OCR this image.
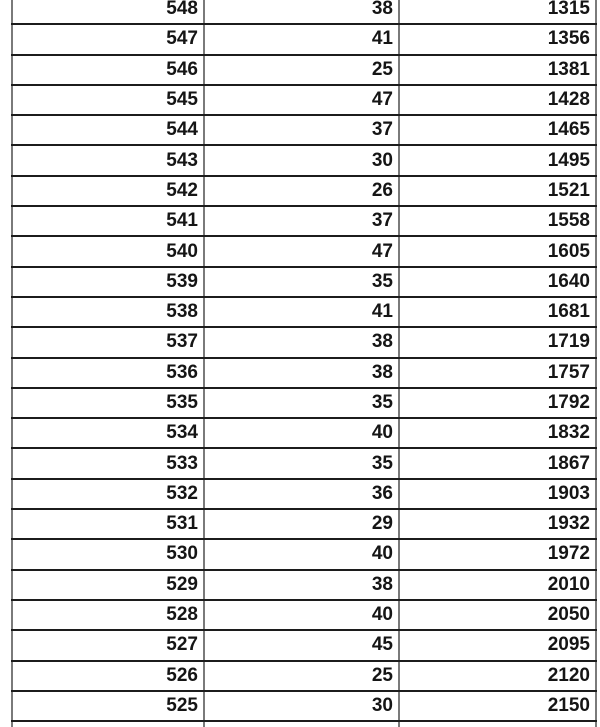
548	38	1315
547	41	1356
546	25	1381
545	47	1428
544	37	1465
543	30	1495
542	26	1521
541	37	1558
540	47	1605
539	35	1640
538	41	1681
537	38	1719
536	38	1757
535	35	1792
534	40	1832
533	35	1867
532	36	1903
531	29	1932
530	40	1972
529	38	2010
528	40	2050
527	45	2095
526	25	2120
525	30	2150
